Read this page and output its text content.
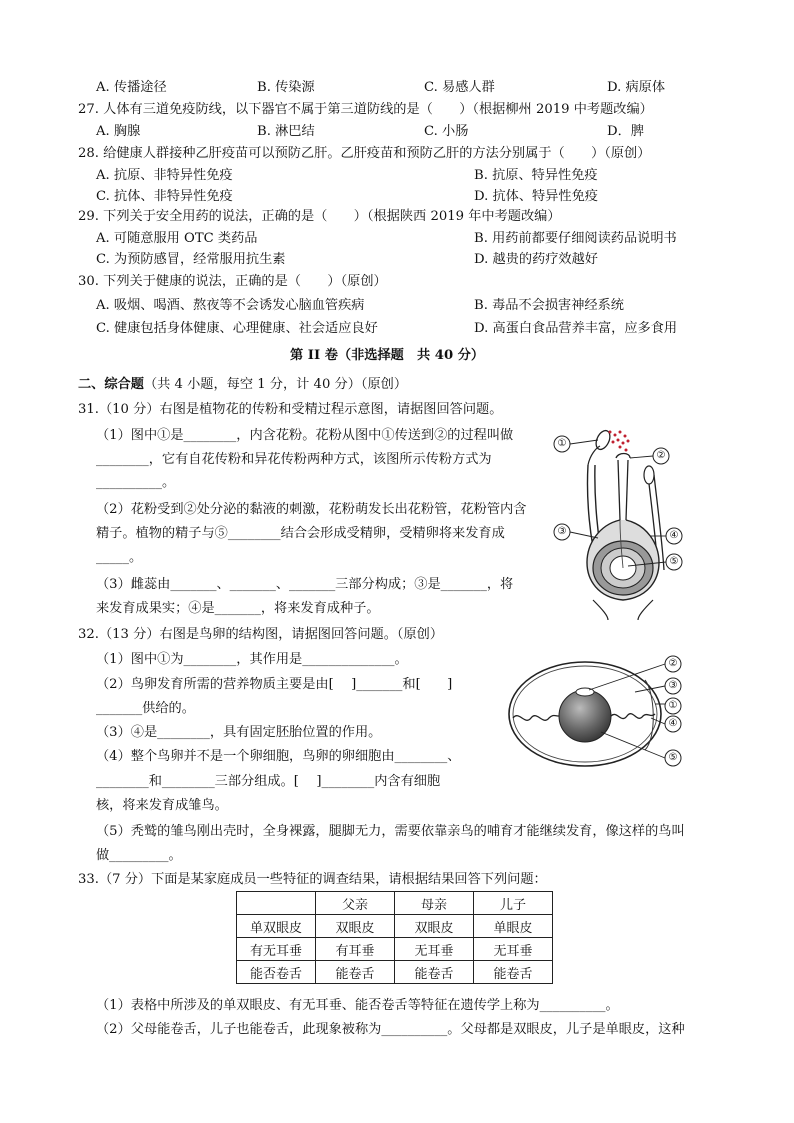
A. 传播途径	B. 传染源	C. 易感人群	D. 病原体
27. 人体有三道免疫防线，以下器官不属于第三道防线的是（　　）（根据柳州 2019 中考题改编）
A. 胸腺	B. 淋巴结	C. 小肠	D．脾
28. 给健康人群接种乙肝疫苗可以预防乙肝。乙肝疫苗和预防乙肝的方法分别属于（　　）（原创）
A. 抗原、非特异性免疫	B. 抗原、特异性免疫
C. 抗体、非特异性免疫	D. 抗体、特异性免疫
29. 下列关于安全用药的说法，正确的是（　　）（根据陕西 2019 年中考题改编）
A. 可随意服用 OTC 类药品	B. 用药前都要仔细阅读药品说明书
C. 为预防感冒，经常服用抗生素	D. 越贵的药疗效越好
30. 下列关于健康的说法，正确的是（　　）（原创）
A. 吸烟、喝酒、熬夜等不会诱发心脑血管疾病	B. 毒品不会损害神经系统
C. 健康包括身体健康、心理健康、社会适应良好	D. 高蛋白食品营养丰富，应多食用
第 II 卷（非选择题　共 40 分）
二、综合题（共 4 小题，每空 1 分，计 40 分）（原创）
31.（10 分）右图是植物花的传粉和受精过程示意图，请据图回答问题。
（1）图中①是________，内含花粉。花粉从图中①传送到②的过程叫做
________，它有自花传粉和异花传粉两种方式，该图所示传粉方式为
__________。
（2）花粉受到②处分泌的黏液的刺激，花粉萌发长出花粉管，花粉管内含
精子。植物的精子与⑤________结合会形成受精卵，受精卵将来发育成
_____。
（3）雌蕊由_______、_______、_______三部分构成；③是_______，将
来发育成果实；④是_______，将来发育成种子。
①
②
③	④
⑤
32.（13 分）右图是鸟卵的结构图，请据图回答问题。（原创）
（1）图中①为________，其作用是______________。
（2）鸟卵发育所需的营养物质主要是由[　 ]_______和[　　]
_______供给的。
（3）④是________，具有固定胚胎位置的作用。
（4）整个鸟卵并不是一个卵细胞，鸟卵的卵细胞由________、
________和________三部分组成。[　 ]________内含有细胞
核，将来发育成雏鸟。
（5）秃鹫的雏鸟刚出壳时，全身裸露，腿脚无力，需要依靠亲鸟的哺育才能继续发育，像这样的鸟叫
做_________。
②
③
①
④
⑤
33.（7 分）下面是某家庭成员一些特征的调查结果，请根据结果回答下列问题：
	父亲	母亲	儿子
单双眼皮	双眼皮	双眼皮	单眼皮
有无耳垂	有耳垂	无耳垂	无耳垂
能否卷舌	能卷舌	能卷舌	能卷舌
（1）表格中所涉及的单双眼皮、有无耳垂、能否卷舌等特征在遗传学上称为__________。
（2）父母能卷舌，儿子也能卷舌，此现象被称为__________。父母都是双眼皮，儿子是单眼皮，这种
